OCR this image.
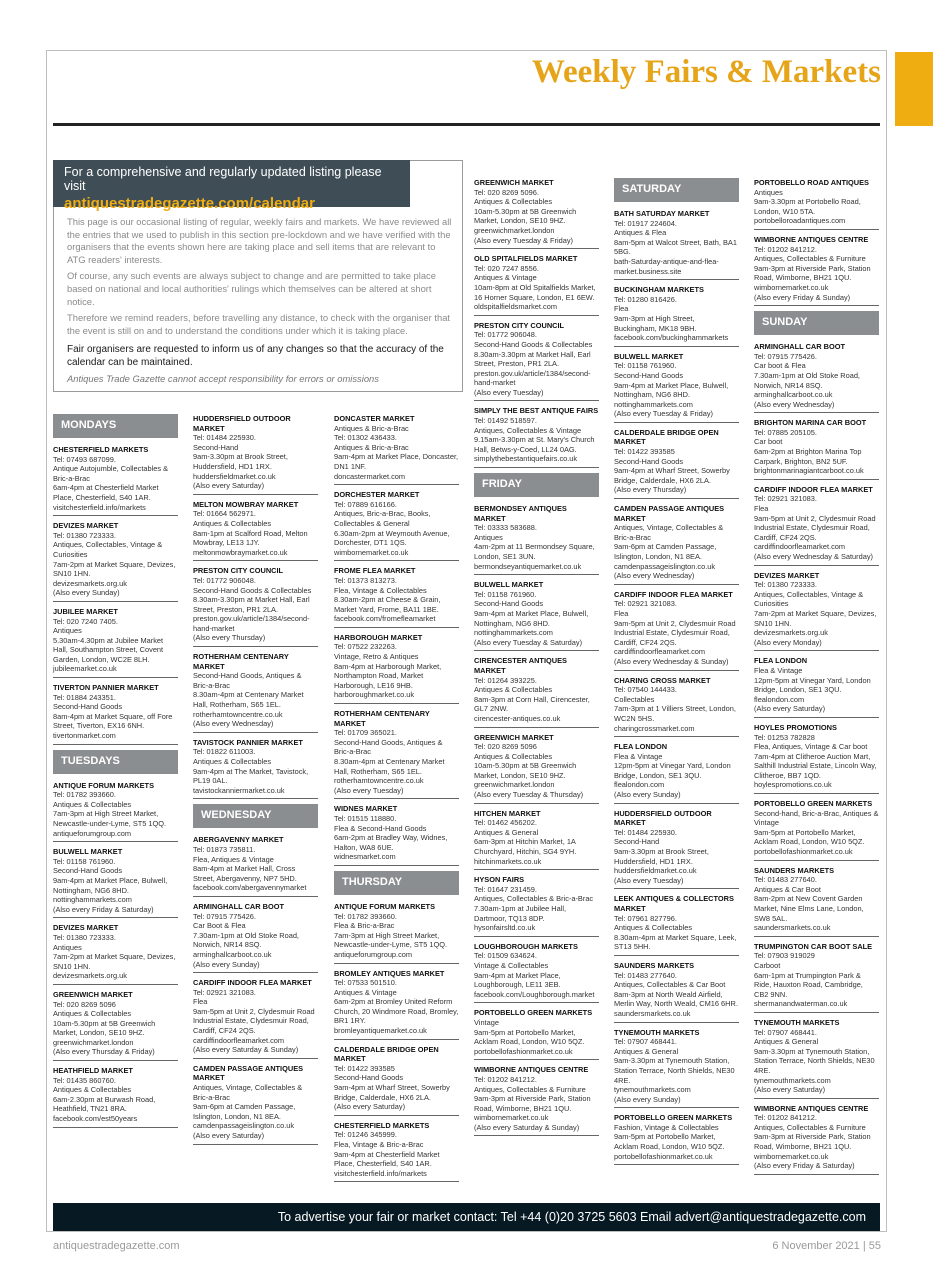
Weekly Fairs & Markets
For a comprehensive and regularly updated listing please visit
antiquestradegazette.com/calendar

This page is our occasional listing of regular, weekly fairs and markets. We have reviewed all the entries that we used to publish in this section pre-lockdown and we have verified with the organisers that the events shown here are taking place and sell items that are relevant to ATG readers' interests.

Of course, any such events are always subject to change and are permitted to take place based on national and local authorities' rulings which themselves can be altered at short notice.

Therefore we remind readers, before travelling any distance, to check with the organiser that the event is still on and to understand the conditions under which it is taking place.

Fair organisers are requested to inform us of any changes so that the accuracy of the calendar can be maintained.

Antiques Trade Gazette cannot accept responsibility for errors or omissions

MONDAYS
CHESTERFIELD MARKETS
Tel: 07493 687099.
Antique Autojumble, Collectables & Bric-a-Brac
6am-4pm at Chesterfield Market Place, Chesterfield, S40 1AR.
visitchesterfield.info/markets
DEVIZES MARKET
Tel: 01380 723333.
Antiques, Collectables, Vintage & Curiosities
7am-2pm at Market Square, Devizes, SN10 1HN.
devizesmarkets.org.uk
(Also every Sunday)
JUBILEE MARKET
Tel: 020 7240 7405.
Antiques
5.30am-4.30pm at Jubilee Market Hall, Southampton Street, Covent Garden, London, WC2E 8LH.
jubileemarket.co.uk
TIVERTON PANNIER MARKET
Tel: 01884 243351.
Second-Hand Goods
8am-4pm at Market Square, off Fore Street, Tiverton, EX16 6NH.
tivertonmarket.com
TUESDAYS
ANTIQUE FORUM MARKETS
Tel: 01782 393660.
Antiques & Collectables
7am-3pm at High Street Market, Newcastle-under-Lyme, ST5 1QQ.
antiqueforumgroup.com
BULWELL MARKET
Tel: 01158 761960.
Second-Hand Goods
9am-4pm at Market Place, Bulwell, Nottingham, NG6 8HD.
nottinghammarkets.com
(Also every Friday & Saturday)
DEVIZES MARKET
Tel: 01380 723333.
Antiques
7am-2pm at Market Square, Devizes, SN10 1HN.
devizesmarkets.org.uk
GREENWICH MARKET
Tel: 020 8269 5096
Antiques & Collectables
10am-5.30pm at 5B Greenwich Market, London, SE10 9HZ.
greenwichmarket.london
(Also every Thursday & Friday)
HEATHFIELD MARKET
Tel: 01435 860760.
Antiques & Collectables
6am-2.30pm at Burwash Road, Heathfield, TN21 8RA.
facebook.com/est50years
HUDDERSFIELD OUTDOOR MARKET
Tel: 01484 225930.
Second-Hand
9am-3.30pm at Brook Street, Huddersfield, HD1 1RX.
huddersfieldmarket.co.uk
(Also every Saturday)
MELTON MOWBRAY MARKET
Tel: 01664 562971.
Antiques & Collectables
8am-1pm at Scalford Road, Melton Mowbray, LE13 1JY.
meltonmowbraymarket.co.uk
PRESTON CITY COUNCIL
Tel: 01772 906048.
Second-Hand Goods & Collectables
8.30am-3.30pm at Market Hall, Earl Street, Preston, PR1 2LA.
preston.gov.uk/article/1384/second-hand-market
(Also every Thursday)
ROTHERHAM CENTENARY MARKET
Second-Hand Goods, Antiques & Bric-a-Brac
8.30am-4pm at Centenary Market Hall, Rotherham, S65 1EL.
rotherhamtowncentre.co.uk
(Also every Wednesday)
TAVISTOCK PANNIER MARKET
Tel: 01822 611003.
Antiques & Collectables
9am-4pm at The Market, Tavistock, PL19 0AL.
tavistockanniermarket.co.uk
WEDNESDAY
ABERGAVENNY MARKET
Tel: 01873 735811.
Flea, Antiques & Vintage
8am-4pm at Market Hall, Cross Street, Abergavenny, NP7 5HD.
facebook.com/abergavennymarket
ARMINGHALL CAR BOOT
Tel: 07915 775426.
Car Boot & Flea
7.30am-1pm at Old Stoke Road, Norwich, NR14 8SQ.
arminghallcarboot.co.uk
(Also every Sunday)
CARDIFF INDOOR FLEA MARKET
Tel: 02921 321083.
Flea
9am-5pm at Unit 2, Clydesmuir Road Industrial Estate, Clydesmuir Road, Cardiff, CF24 2QS.
cardiffindoorfleamarket.com
(Also every Saturday & Sunday)
CAMDEN PASSAGE ANTIQUES MARKET
Antiques, Vintage, Collectables & Bric-a-Brac
9am-6pm at Camden Passage, Islington, London, N1 8EA.
camdenpassageislington.co.uk
(Also every Saturday)
DONCASTER MARKET
Antiques & Bric-a-Brac
Tel: 01302 436433.
Antiques & Bric-a-Brac
9am-4pm at Market Place, Doncaster, DN1 1NF.
doncastermarket.com
DORCHESTER MARKET
Tel: 07889 616166.
Antiques, Bric-a-Brac, Books, Collectables & General
6.30am-2pm at Weymouth Avenue, Dorchester, DT1 1QS.
wimbornemarket.co.uk
FROME FLEA MARKET
Tel: 01373 813273.
Flea, Vintage & Collectables
8.30am-2pm at Cheese & Grain, Market Yard, Frome, BA11 1BE.
facebook.com/fromefleamarket
HARBOROUGH MARKET
Tel: 07522 232263.
Vintage, Retro & Antiques
8am-4pm at Harborough Market, Northampton Road, Market Harborough, LE16 9HB.
harboroughmarket.co.uk
ROTHERHAM CENTENARY MARKET
Tel: 01709 365021.
Second-Hand Goods, Antiques & Bric-a-Brac
8.30am-4pm at Centenary Market Hall, Rotherham, S65 1EL.
rotherhamtowncentre.co.uk
(Also every Tuesday)
WIDNES MARKET
Tel: 01515 118880.
Flea & Second-Hand Goods
6am-2pm at Bradley Way, Widnes, Halton, WA8 6UE.
widnesmarket.com
THURSDAY
ANTIQUE FORUM MARKETS
Tel: 01782 393660.
Flea & Bric-a-Brac
7am-3pm at High Street Market, Newcastle-under-Lyme, ST5 1QQ.
antiqueforumgroup.com
BROMLEY ANTIQUES MARKET
Tel: 07533 501510.
Antiques & Vintage
6am-2pm at Bromley United Reform Church, 20 Windmore Road, Bromley, BR1 1RY.
bromleyantiquemarket.co.uk
CALDERDALE BRIDGE OPEN MARKET
Tel: 01422 393585
Second-Hand Goods
9am-4pm at Wharf Street, Sowerby Bridge, Calderdale, HX6 2LA.
(Also every Saturday)
CHESTERFIELD MARKETS
Tel: 01246 345999.
Flea, Vintage & Bric-a-Brac
9am-4pm at Chesterfield Market Place, Chesterfield, S40 1AR.
visitchesterfield.info/markets
GREENWICH MARKET
Tel: 020 8269 5096.
Antiques & Collectables
10am-5.30pm at 5B Greenwich Market, London, SE10 9HZ.
greenwichmarket.london
(Also every Tuesday & Friday)
OLD SPITALFIELDS MARKET
Tel: 020 7247 8556.
Antiques & Vintage
10am-8pm at Old Spitalfields Market, 16 Horner Square, London, E1 6EW.
oldspitalfieldsmarket.com
PRESTON CITY COUNCIL
Tel: 01772 906048.
Second-Hand Goods & Collectables
8.30am-3.30pm at Market Hall, Earl Street, Preston, PR1 2LA.
preston.gov.uk/article/1384/second-hand-market
(Also every Tuesday)
SIMPLY THE BEST ANTIQUE FAIRS
Tel: 01492 518597.
Antiques, Collectables & Vintage
9.15am-3.30pm at St. Mary's Church Hall, Betws-y-Coed, LL24 0AG.
simplythebestantiquefairs.co.uk
FRIDAY
BERMONDSEY ANTIQUES MARKET
Tel: 03333 583688.
Antiques
4am-2pm at 11 Bermondsey Square, London, SE1 3UN.
bermondseyantiquemarket.co.uk
BULWELL MARKET
Tel: 01158 761960.
Second-Hand Goods
9am-4pm at Market Place, Bulwell, Nottingham, NG6 8HD.
nottinghammarkets.com
(Also every Tuesday & Saturday)
CIRENCESTER ANTIQUES MARKET
Tel: 01264 393225.
Antiques & Collectables
8am-3pm at Corn Hall, Cirencester, GL7 2NW.
cirencester-antiques.co.uk
GREENWICH MARKET
Tel: 020 8269 5096
Antiques & Collectables
10am-5.30pm at 5B Greenwich Market, London, SE10 9HZ.
greenwichmarket.london
(Also every Tuesday & Thursday)
HITCHEN MARKET
Tel: 01462 456202.
Antiques & General
6am-3pm at Hitchin Market, 1A Churchyard, Hitchin, SG4 9YH.
hitchinmarkets.co.uk
HYSON FAIRS
Tel: 01647 231459.
Antiques, Collectables & Bric-a-Brac
7.30am-1pm at Jubilee Hall, Dartmoor, TQ13 8DP.
hysonfairsltd.co.uk
LOUGHBOROUGH MARKETS
Tel: 01509 634624.
Vintage & Collectables
9am-4pm at Market Place, Loughborough, LE11 3EB.
facebook.com/Loughborough.market
PORTOBELLO GREEN MARKETS
Vintage
9am-5pm at Portobello Market, Acklam Road, London, W10 5QZ.
portobellofashionmarket.co.uk
WIMBORNE ANTIQUES CENTRE
Tel: 01202 841212.
Antiques, Collectables & Furniture
9am-3pm at Riverside Park, Station Road, Wimborne, BH21 1QU.
wimbornemarket.co.uk
(Also every Saturday & Sunday)
SATURDAY
BATH SATURDAY MARKET
Tel: 01917 224604.
Antiques & Flea
8am-5pm at Walcot Street, Bath, BA1 5BG.
bath-Saturday-antique-and-flea-market.business.site
BUCKINGHAM MARKETS
Tel: 01280 816426.
Flea
9am-3pm at High Street, Buckingham, MK18 9BH.
facebook.com/buckinghammarkets
BULWELL MARKET
Tel: 01158 761960.
Second-Hand Goods
9am-4pm at Market Place, Bulwell, Nottingham, NG6 8HD.
nottinghammarkets.com
(Also every Tuesday & Friday)
CALDERDALE BRIDGE OPEN MARKET
Tel: 01422 393585
Second-Hand Goods
9am-4pm at Wharf Street, Sowerby Bridge, Calderdale, HX6 2LA.
(Also every Thursday)
CAMDEN PASSAGE ANTIQUES MARKET
Antiques, Vintage, Collectables & Bric-a-Brac
9am-6pm at Camden Passage, Islington, London, N1 8EA.
camdenpassageislington.co.uk
(Also every Wednesday)
CARDIFF INDOOR FLEA MARKET
Tel: 02921 321083.
Flea
9am-5pm at Unit 2, Clydesmuir Road Industrial Estate, Clydesmuir Road, Cardiff, CF24 2QS.
cardiffindoorfleamarket.com
(Also every Wednesday & Sunday)
CHARING CROSS MARKET
Tel: 07540 144433.
Collectables
7am-3pm at 1 Villiers Street, London, WC2N 5HS.
charingcrossmarket.com
FLEA LONDON
Flea & Vintage
12pm-5pm at Vinegar Yard, London Bridge, London, SE1 3QU.
flealondon.com
(Also every Sunday)
HUDDERSFIELD OUTDOOR MARKET
Tel: 01484 225930.
Second-Hand
9am-3.30pm at Brook Street, Huddersfield, HD1 1RX.
huddersfieldmarket.co.uk
(Also every Tuesday)
LEEK ANTIQUES & COLLECTORS MARKET
Tel: 07961 827796.
Antiques & Collectables
8.30am-4pm at Market Square, Leek, ST13 5HH.
SAUNDERS MARKETS
Tel: 01483 277640.
Antiques, Collectables & Car Boot
8am-3pm at North Weald Airfield, Merlin Way, North Weald, CM16 6HR.
saundersmarkets.co.uk
TYNEMOUTH MARKETS
Tel: 07907 468441.
Antiques & General
9am-3.30pm at Tynemouth Station, Station Terrace, North Shields, NE30 4RE.
tynemouthmarkets.com
(Also every Sunday)
PORTOBELLO GREEN MARKETS
Fashion, Vintage & Collectables
9am-5pm at Portobello Market, Acklam Road, London, W10 5QZ.
portobellofashionmarket.co.uk
PORTOBELLO ROAD ANTIQUES
Antiques
9am-3.30pm at Portobello Road, London, W10 5TA.
portobelloroadantiques.com
WIMBORNE ANTIQUES CENTRE
Tel: 01202 841212.
Antiques, Collectables & Furniture
9am-3pm at Riverside Park, Station Road, Wimborne, BH21 1QU.
wimbornemarket.co.uk
(Also every Friday & Sunday)
SUNDAY
ARMINGHALL CAR BOOT
Tel: 07915 775426.
Car boot & Flea
7.30am-1pm at Old Stoke Road, Norwich, NR14 8SQ.
arminghallcarboot.co.uk
(Also every Wednesday)
BRIGHTON MARINA CAR BOOT
Tel: 07885 205105.
Car boot
6am-2pm at Brighton Marina Top Carpark, Brighton, BN2 5UF.
brightonmarinagiantcarboot.co.uk
CARDIFF INDOOR FLEA MARKET
Tel: 02921 321083.
Flea
9am-5pm at Unit 2, Clydesmuir Road Industrial Estate, Clydesmuir Road, Cardiff, CF24 2QS.
cardiffindoorfleamarket.com
(Also every Wednesday & Saturday)
DEVIZES MARKET
Tel: 01380 723333.
Antiques, Collectables, Vintage & Curiosities
7am-2pm at Market Square, Devizes, SN10 1HN.
devizesmarkets.org.uk
(Also every Monday)
FLEA LONDON
Flea & Vintage
12pm-5pm at Vinegar Yard, London Bridge, London, SE1 3QU.
flealondon.com
(Also every Saturday)
HOYLES PROMOTIONS
Tel: 01253 782828
Flea, Antiques, Vintage & Car boot
7am-4pm at Clitheroe Auction Mart, Salthill Industrial Estate, Lincoln Way, Clitheroe, BB7 1QD.
hoylespromotions.co.uk
PORTOBELLO GREEN MARKETS
Second-hand, Bric-a-Brac, Antiques & Vintage
9am-5pm at Portobello Market, Acklam Road, London, W10 5QZ.
portobellofashionmarket.co.uk
SAUNDERS MARKETS
Tel: 01483 277640.
Antiques & Car Boot
8am-2pm at New Covent Garden Market, Nine Elms Lane, London, SW8 5AL.
saundersmarkets.co.uk
TRUMPINGTON CAR BOOT SALE
Tel: 07903 919029
Carboot
6am-1pm at Trumpington Park & Ride, Hauxton Road, Cambridge, CB2 9NN.
shermanandwaterman.co.uk
TYNEMOUTH MARKETS
Tel: 07907 468441.
Antiques & General
9am-3.30pm at Tynemouth Station, Station Terrace, North Shields, NE30 4RE.
tynemouthmarkets.com
(Also every Saturday)
WIMBORNE ANTIQUES CENTRE
Tel: 01202 841212.
Antiques, Collectables & Furniture
9am-3pm at Riverside Park, Station Road, Wimborne, BH21 1QU.
wimbornemarket.co.uk
(Also every Friday & Saturday)
To advertise your fair or market contact: Tel +44 (0)20 3725 5603 Email advert@antiquestradegazette.com
antiquestradegazette.com	6 November 2021 | 55
